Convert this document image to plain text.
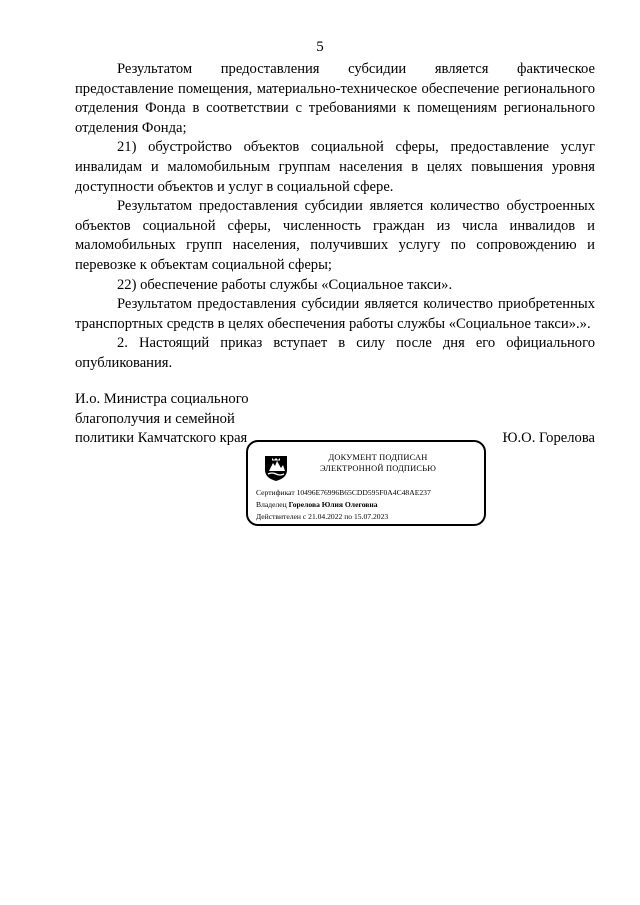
5

Результатом предоставления субсидии является фактическое предоставление помещения, материально-техническое обеспечение регионального отделения Фонда в соответствии с требованиями к помещениям регионального отделения Фонда;

21) обустройство объектов социальной сферы, предоставление услуг инвалидам и маломобильным группам населения в целях повышения уровня доступности объектов и услуг в социальной сфере.

Результатом предоставления субсидии является количество обустроенных объектов социальной сферы, численность граждан из числа инвалидов и маломобильных групп населения, получившиx услугу по сопровождению и перевозке к объектам социальной сферы;

22) обеспечение работы службы «Социальное такси».

Результатом предоставления субсидии является количество приобретенных транспортных средств в целях обеспечения работы службы «Социальное такси».».

2. Настоящий приказ вступает в силу после дня его официального опубликования.

И.о. Министра социального
благополучия и семейной
политики Камчатского края	Ю.О. Горелова
ДОКУМЕНТ ПОДПИСАН
ЭЛЕКТРОННОЙ ПОДПИСЬЮ
Сертификат 10496E76996B65CDD595F0A4C48AE237
Владелец Горелова Юлия Олеговна
Действителен с 21.04.2022 по 15.07.2023
